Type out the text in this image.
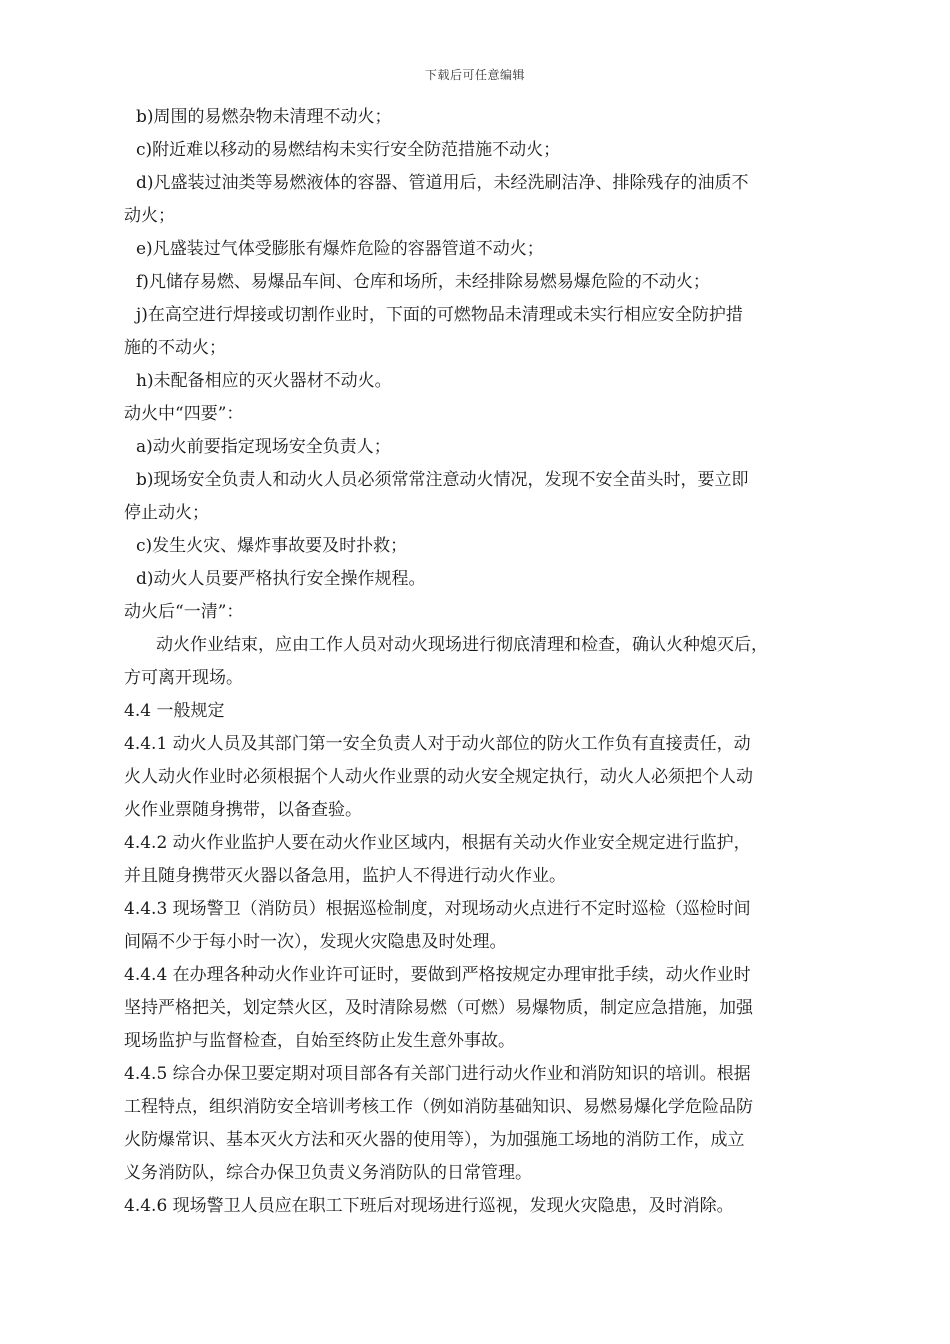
下载后可任意编辑
b)周围的易燃杂物未清理不动火；
c)附近难以移动的易燃结构未实行安全防范措施不动火；
d)凡盛装过油类等易燃液体的容器、管道用后，未经洗刷洁净、排除残存的油质不
动火；
e)凡盛装过气体受膨胀有爆炸危险的容器管道不动火；
f)凡储存易燃、易爆品车间、仓库和场所，未经排除易燃易爆危险的不动火；
j)在高空进行焊接或切割作业时，下面的可燃物品未清理或未实行相应安全防护措
施的不动火；
h)未配备相应的灭火器材不动火。
动火中“四要”：
a)动火前要指定现场安全负责人；
b)现场安全负责人和动火人员必须常常注意动火情况，发现不安全苗头时，要立即
停止动火；
c)发生火灾、爆炸事故要及时扑救；
d)动火人员要严格执行安全操作规程。
动火后“一清”：
动火作业结束，应由工作人员对动火现场进行彻底清理和检查，确认火种熄灭后，
方可离开现场。
4.4 一般规定
4.4.1 动火人员及其部门第一安全负责人对于动火部位的防火工作负有直接责任，动
火人动火作业时必须根据个人动火作业票的动火安全规定执行，动火人必须把个人动
火作业票随身携带，以备查验。
4.4.2 动火作业监护人要在动火作业区域内，根据有关动火作业安全规定进行监护，
并且随身携带灭火器以备急用，监护人不得进行动火作业。
4.4.3 现场警卫（消防员）根据巡检制度，对现场动火点进行不定时巡检（巡检时间
间隔不少于每小时一次），发现火灾隐患及时处理。
4.4.4 在办理各种动火作业许可证时，要做到严格按规定办理审批手续，动火作业时
坚持严格把关，划定禁火区，及时清除易燃（可燃）易爆物质，制定应急措施，加强
现场监护与监督检查，自始至终防止发生意外事故。
4.4.5 综合办保卫要定期对项目部各有关部门进行动火作业和消防知识的培训。根据
工程特点，组织消防安全培训考核工作（例如消防基础知识、易燃易爆化学危险品防
火防爆常识、基本灭火方法和灭火器的使用等），为加强施工场地的消防工作，成立
义务消防队，综合办保卫负责义务消防队的日常管理。
4.4.6 现场警卫人员应在职工下班后对现场进行巡视，发现火灾隐患，及时消除。
